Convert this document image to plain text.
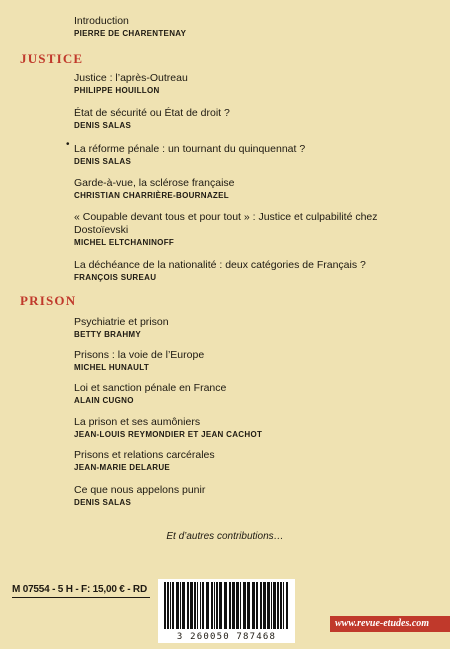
Introduction
PIERRE DE CHARENTENAY
JUSTICE
Justice : l’après-Outreau
PHILIPPE HOUILLON
État de sécurité ou État de droit ?
DENIS SALAS
• La réforme pénale : un tournant du quinquennat ?
DENIS SALAS
Garde-à-vue, la sclérose française
CHRISTIAN CHARRIÈRE-BOURNAZEL
« Coupable devant tous et pour tout » : Justice et culpabilité chez
Dostoïevski
MICHEL ELTCHANINOFF
La déchéance de la nationalité : deux catégories de Français ?
FRANÇOIS SUREAU
PRISON
Psychiatrie et prison
BETTY BRAHMY
Prisons : la voie de l’Europe
MICHEL HUNAULT
Loi et sanction pénale en France
ALAIN CUGNO
La prison et ses aumôniers
JEAN-LOUIS REYMONDIER ET JEAN CACHOT
Prisons et relations carcérales
JEAN-MARIE DELARUE
Ce que nous appelons punir
DENIS SALAS
Et d’autres contributions…
M 07554 - 5 H - F: 15,00 € - RD
3 260050 787468
www.revue-etudes.com
